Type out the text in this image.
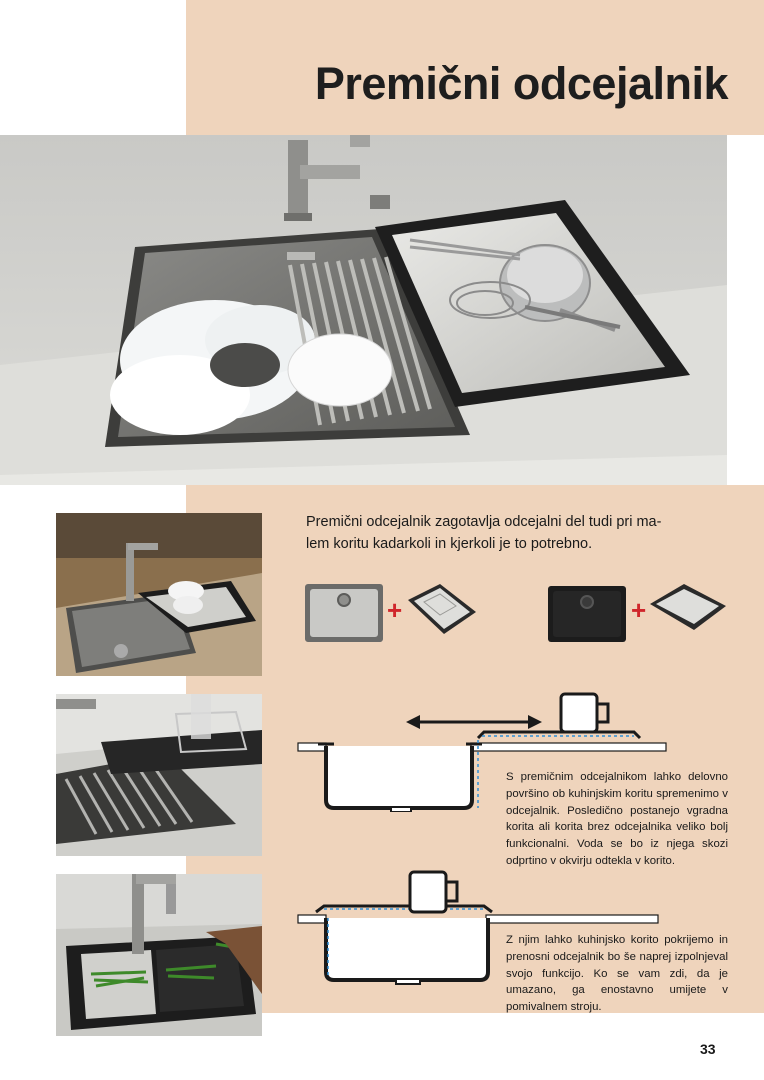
Premični odcejalnik
Premični odcejalnik zagotavlja odcejalni del tudi pri ma-
lem koritu kadarkoli in kjerkoli je to potrebno.
+	+
S premičnim odcejalnikom lahko delovno površino ob kuhinjskim koritu spremenimo v odcejalnik. Posledično postanejo vgradna korita ali korita brez odcejalnika veliko bolj funkcionalni. Voda se bo iz njega skozi odprtino v okvirju odtekla v korito.
Z njim lahko kuhinjsko korito pokrijemo in prenosni odcejalnik bo še naprej izpolnjeval svojo funkcijo. Ko se vam zdi, da je umazano, ga enostavno umijete v pomivalnem stroju.
33
